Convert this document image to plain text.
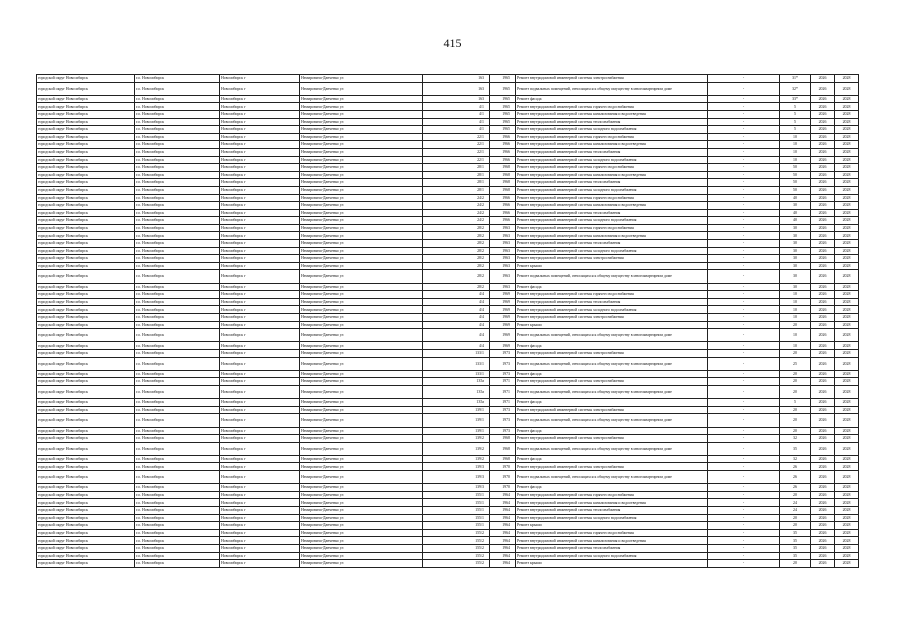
415
городской округ Новосибирск	г.о. Новосибирск	Новосибирск г	Немировича-Данченко ул	163	1965	Ремонт внутридомовой инженерной системы электроснабжения	-	31*	2026	2028
городской округ Новосибирск	г.о. Новосибирск	Новосибирск г	Немировича-Данченко ул	163	1965	Ремонт подвальных помещений, относящихся к общему имуществу в многоквартирном доме	-	32*	2026	2028
городской округ Новосибирск	г.о. Новосибирск	Новосибирск г	Немировича-Данченко ул	163	1965	Ремонт фасада	-	33*	2026	2028
городской округ Новосибирск	г.о. Новосибирск	Новосибирск г	Немировича-Данченко ул	4/1	1965	Ремонт внутридомовой инженерной системы горячего водоснабжения	-	5	2026	2028
городской округ Новосибирск	г.о. Новосибирск	Новосибирск г	Немировича-Данченко ул	4/1	1965	Ремонт внутридомовой инженерной системы канализования и водоотведения	-	5	2026	2028
городской округ Новосибирск	г.о. Новосибирск	Новосибирск г	Немировича-Данченко ул	4/1	1965	Ремонт внутридомовой инженерной системы теплоснабжения	-	5	2026	2028
городской округ Новосибирск	г.о. Новосибирск	Новосибирск г	Немировича-Данченко ул	4/1	1965	Ремонт внутридомовой инженерной системы холодного водоснабжения	-	5	2026	2028
городской округ Новосибирск	г.о. Новосибирск	Новосибирск г	Немировича-Данченко ул	22/1	1966	Ремонт внутридомовой инженерной системы горячего водоснабжения	-	10	2026	2028
городской округ Новосибирск	г.о. Новосибирск	Новосибирск г	Немировича-Данченко ул	22/1	1966	Ремонт внутридомовой инженерной системы канализования и водоотведения	-	10	2026	2028
городской округ Новосибирск	г.о. Новосибирск	Новосибирск г	Немировича-Данченко ул	22/1	1966	Ремонт внутридомовой инженерной системы теплоснабжения	-	10	2026	2028
городской округ Новосибирск	г.о. Новосибирск	Новосибирск г	Немировича-Данченко ул	22/1	1966	Ремонт внутридомовой инженерной системы холодного водоснабжения	-	10	2026	2028
городской округ Новосибирск	г.о. Новосибирск	Новосибирск г	Немировича-Данченко ул	28/1	1968	Ремонт внутридомовой инженерной системы горячего водоснабжения	-	50	2026	2028
городской округ Новосибирск	г.о. Новосибирск	Новосибирск г	Немировича-Данченко ул	28/1	1968	Ремонт внутридомовой инженерной системы канализования и водоотведения	-	50	2026	2028
городской округ Новосибирск	г.о. Новосибирск	Новосибирск г	Немировича-Данченко ул	28/1	1968	Ремонт внутридомовой инженерной системы теплоснабжения	-	50	2026	2028
городской округ Новосибирск	г.о. Новосибирск	Новосибирск г	Немировича-Данченко ул	28/1	1968	Ремонт внутридомовой инженерной системы холодного водоснабжения	-	50	2026	2028
городской округ Новосибирск	г.о. Новосибирск	Новосибирск г	Немировича-Данченко ул	24/2	1966	Ремонт внутридомовой инженерной системы горячего водоснабжения	-	40	2026	2028
городской округ Новосибирск	г.о. Новосибирск	Новосибирск г	Немировича-Данченко ул	24/2	1966	Ремонт внутридомовой инженерной системы канализования и водоотведения	-	30	2026	2028
городской округ Новосибирск	г.о. Новосибирск	Новосибирск г	Немировича-Данченко ул	24/2	1966	Ремонт внутридомовой инженерной системы теплоснабжения	-	40	2026	2028
городской округ Новосибирск	г.о. Новосибирск	Новосибирск г	Немировича-Данченко ул	24/2	1966	Ремонт внутридомовой инженерной системы холодного водоснабжения	-	40	2026	2028
городской округ Новосибирск	г.о. Новосибирск	Новосибирск г	Немировича-Данченко ул	28/2	1963	Ремонт внутридомовой инженерной системы горячего водоснабжения	-	30	2026	2028
городской округ Новосибирск	г.о. Новосибирск	Новосибирск г	Немировича-Данченко ул	28/2	1963	Ремонт внутридомовой инженерной системы канализования и водоотведения	-	30	2026	2028
городской округ Новосибирск	г.о. Новосибирск	Новосибирск г	Немировича-Данченко ул	28/2	1963	Ремонт внутридомовой инженерной системы теплоснабжения	-	30	2026	2028
городской округ Новосибирск	г.о. Новосибирск	Новосибирск г	Немировича-Данченко ул	28/2	1963	Ремонт внутридомовой инженерной системы холодного водоснабжения	-	30	2026	2028
городской округ Новосибирск	г.о. Новосибирск	Новосибирск г	Немировича-Данченко ул	28/2	1963	Ремонт внутридомовой инженерной системы электроснабжения	-	30	2026	2028
городской округ Новосибирск	г.о. Новосибирск	Новосибирск г	Немировича-Данченко ул	28/2	1963	Ремонт крыши	-	30	2026	2028
городской округ Новосибирск	г.о. Новосибирск	Новосибирск г	Немировича-Данченко ул	28/2	1963	Ремонт подвальных помещений, относящихся к общему имуществу в многоквартирном доме	-	30	2026	2028
городской округ Новосибирск	г.о. Новосибирск	Новосибирск г	Немировича-Данченко ул	28/2	1963	Ремонт фасада	-	30	2026	2028
городской округ Новосибирск	г.о. Новосибирск	Новосибирск г	Немировича-Данченко ул	4/4	1969	Ремонт внутридомовой инженерной системы горячего водоснабжения	-	10	2026	2028
городской округ Новосибирск	г.о. Новосибирск	Новосибирск г	Немировича-Данченко ул	4/4	1969	Ремонт внутридомовой инженерной системы теплоснабжения	-	10	2026	2028
городской округ Новосибирск	г.о. Новосибирск	Новосибирск г	Немировича-Данченко ул	4/4	1969	Ремонт внутридомовой инженерной системы холодного водоснабжения	-	10	2026	2028
городской округ Новосибирск	г.о. Новосибирск	Новосибирск г	Немировича-Данченко ул	4/4	1969	Ремонт внутридомовой инженерной системы электроснабжения	-	10	2026	2028
городской округ Новосибирск	г.о. Новосибирск	Новосибирск г	Немировича-Данченко ул	4/4	1969	Ремонт крыши	-	20	2026	2028
городской округ Новосибирск	г.о. Новосибирск	Новосибирск г	Немировича-Данченко ул	4/4	1969	Ремонт подвальных помещений, относящихся к общему имуществу в многоквартирном доме	-	10	2026	2028
городской округ Новосибирск	г.о. Новосибирск	Новосибирск г	Немировича-Данченко ул	4/4	1969	Ремонт фасада	-	10	2026	2028
городской округ Новосибирск	г.о. Новосибирск	Новосибирск г	Немировича-Данченко ул	133/1	1973	Ремонт внутридомовой инженерной системы электроснабжения	-	20	2026	2028
городской округ Новосибирск	г.о. Новосибирск	Новосибирск г	Немировича-Данченко ул	133/1	1973	Ремонт подвальных помещений, относящихся к общему имуществу в многоквартирном доме	-	25	2026	2028
городской округ Новосибирск	г.о. Новосибирск	Новосибирск г	Немировича-Данченко ул	133/1	1973	Ремонт фасада	-	20	2026	2028
городской округ Новосибирск	г.о. Новосибирск	Новосибирск г	Немировича-Данченко ул	135а	1971	Ремонт внутридомовой инженерной системы электроснабжения	-	20	2026	2028
городской округ Новосибирск	г.о. Новосибирск	Новосибирск г	Немировича-Данченко ул	135а	1971	Ремонт подвальных помещений, относящихся к общему имуществу в многоквартирном доме	-	20	2026	2028
городской округ Новосибирск	г.о. Новосибирск	Новосибирск г	Немировича-Данченко ул	135а	1971	Ремонт фасада	-	5	2026	2028
городской округ Новосибирск	г.о. Новосибирск	Новосибирск г	Немировича-Данченко ул	139/1	1973	Ремонт внутридомовой инженерной системы электроснабжения	-	20	2026	2028
городской округ Новосибирск	г.о. Новосибирск	Новосибирск г	Немировича-Данченко ул	139/1	1973	Ремонт подвальных помещений, относящихся к общему имуществу в многоквартирном доме	-	20	2026	2028
городской округ Новосибирск	г.о. Новосибирск	Новосибирск г	Немировича-Данченко ул	139/1	1973	Ремонт фасада	-	20	2026	2028
городской округ Новосибирск	г.о. Новосибирск	Новосибирск г	Немировича-Данченко ул	139/2	1968	Ремонт внутридомовой инженерной системы электроснабжения	-	32	2026	2028
городской округ Новосибирск	г.о. Новосибирск	Новосибирск г	Немировича-Данченко ул	139/2	1968	Ремонт подвальных помещений, относящихся к общему имуществу в многоквартирном доме	-	35	2026	2028
городской округ Новосибирск	г.о. Новосибирск	Новосибирск г	Немировича-Данченко ул	139/2	1968	Ремонт фасада	-	32	2026	2028
городской округ Новосибирск	г.о. Новосибирск	Новосибирск г	Немировича-Данченко ул	139/3	1970	Ремонт внутридомовой инженерной системы электроснабжения	-	26	2026	2028
городской округ Новосибирск	г.о. Новосибирск	Новосибирск г	Немировича-Данченко ул	139/3	1970	Ремонт подвальных помещений, относящихся к общему имуществу в многоквартирном доме	-	26	2026	2028
городской округ Новосибирск	г.о. Новосибирск	Новосибирск г	Немировича-Данченко ул	139/3	1970	Ремонт фасада	-	26	2026	2028
городской округ Новосибирск	г.о. Новосибирск	Новосибирск г	Немировича-Данченко ул	155/1	1964	Ремонт внутридомовой инженерной системы горячего водоснабжения	-	20	2026	2028
городской округ Новосибирск	г.о. Новосибирск	Новосибирск г	Немировича-Данченко ул	155/1	1964	Ремонт внутридомовой инженерной системы канализования и водоотведения	-	24	2026	2028
городской округ Новосибирск	г.о. Новосибирск	Новосибирск г	Немировича-Данченко ул	155/1	1964	Ремонт внутридомовой инженерной системы теплоснабжения	-	24	2026	2028
городской округ Новосибирск	г.о. Новосибирск	Новосибирск г	Немировича-Данченко ул	155/1	1964	Ремонт внутридомовой инженерной системы холодного водоснабжения	-	20	2026	2028
городской округ Новосибирск	г.о. Новосибирск	Новосибирск г	Немировича-Данченко ул	155/1	1964	Ремонт крыши	-	20	2026	2028
городской округ Новосибирск	г.о. Новосибирск	Новосибирск г	Немировича-Данченко ул	155/2	1964	Ремонт внутридомовой инженерной системы горячего водоснабжения	-	35	2026	2028
городской округ Новосибирск	г.о. Новосибирск	Новосибирск г	Немировича-Данченко ул	155/2	1964	Ремонт внутридомовой инженерной системы канализования и водоотведения	-	35	2026	2028
городской округ Новосибирск	г.о. Новосибирск	Новосибирск г	Немировича-Данченко ул	155/2	1964	Ремонт внутридомовой инженерной системы теплоснабжения	-	35	2026	2028
городской округ Новосибирск	г.о. Новосибирск	Новосибирск г	Немировича-Данченко ул	155/2	1964	Ремонт внутридомовой инженерной системы холодного водоснабжения	-	35	2026	2028
городской округ Новосибирск	г.о. Новосибирск	Новосибирск г	Немировича-Данченко ул	155/2	1964	Ремонт крыши	-	20	2026	2028
